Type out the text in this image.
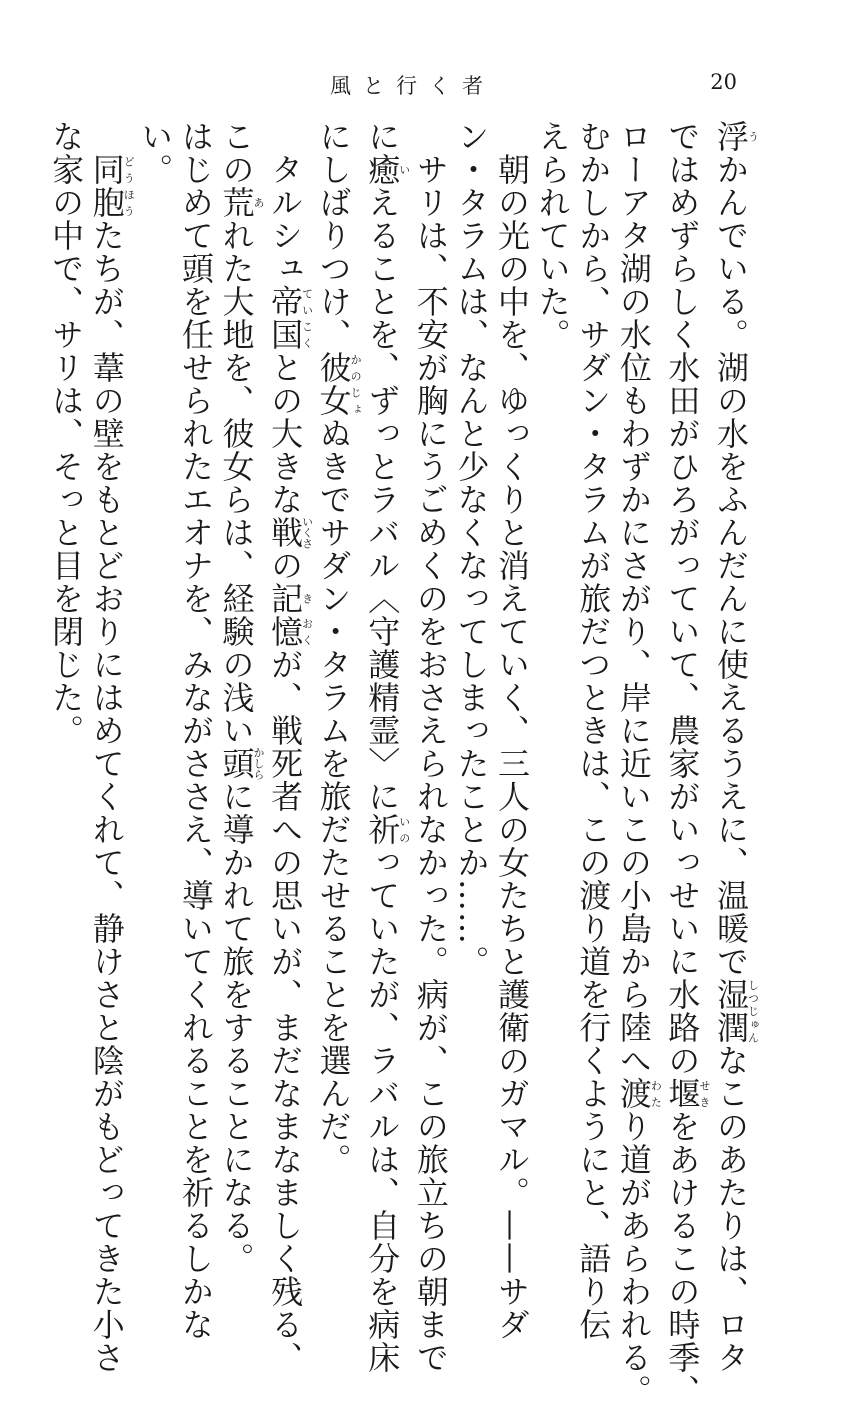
風と行く者	20

浮うかんでいる。湖の水をふんだんに使えるうえに、温暖で湿潤しつじゅんなこのあたりは、ロタ

ではめずらしく水田がひろがっていて、農家がいっせいに水路の堰せきをあけるこの時季、

ローアタ湖の水位もわずかにさがり、岸に近いこの小島から陸へ渡わたり道があらわれる。

むかしから、サダン・タラムが旅だつときは、この渡り道を行くようにと、語り伝

えられていた。

　朝の光の中を、ゆっくりと消えていく、三人の女たちと護衛のガマル。——サダ

ン・タラムは、なんと少なくなってしまったことか……。

　サリは、不安が胸にうごめくのをおさえられなかった。病が、この旅立ちの朝まで

に癒いえることを、ずっとラバル〈守護精霊〉に祈いのっていたが、ラバルは、自分を病床

にしばりつけ、彼女かのじょぬきでサダン・タラムを旅だたせることを選んだ。

　タルシュ帝国ていこくとの大きな戦いくさの記き憶おくが、戦死者への思いが、まだなまなましく残る、

この荒あれた大地を、彼女らは、経験の浅い頭かしらに導かれて旅をすることになる。

はじめて頭を任せられたエオナを、みながささえ、導いてくれることを祈るしかな

い。

　同胞どうほうたちが、葦の壁をもとどおりにはめてくれて、静けさと陰がもどってきた小さ

な家の中で、サリは、そっと目を閉じた。
